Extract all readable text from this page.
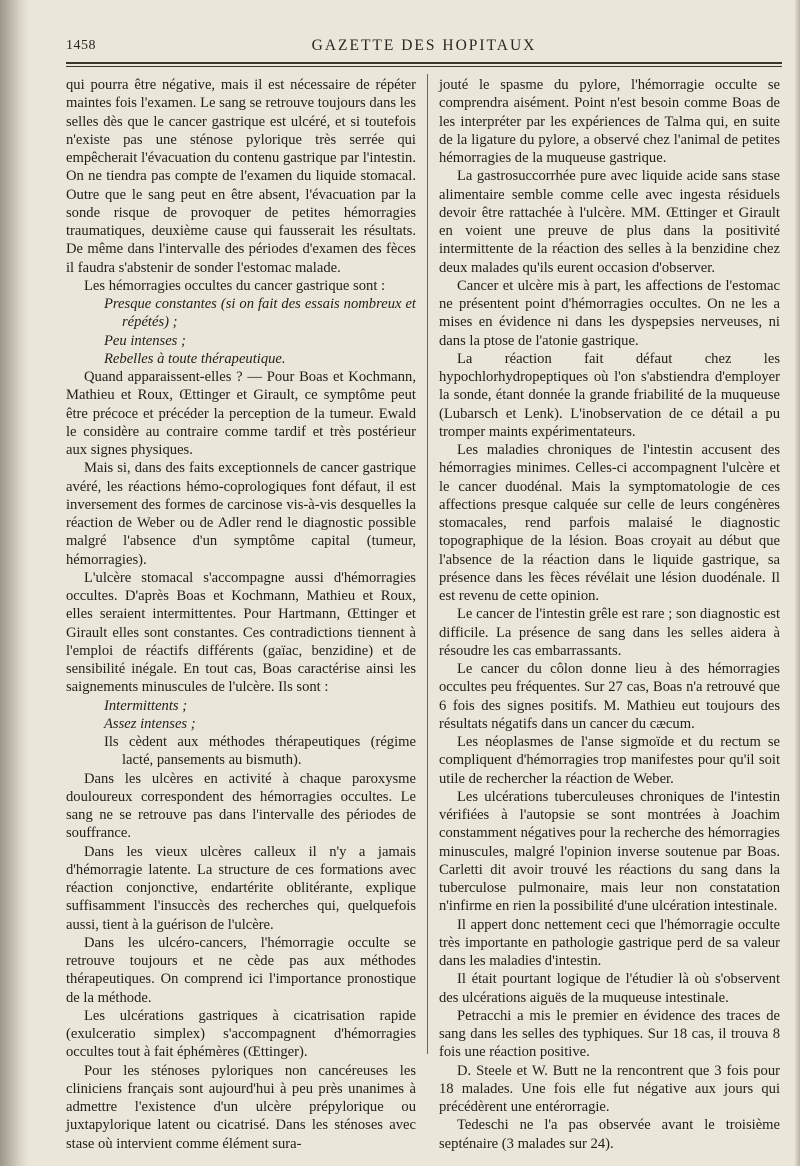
1458	GAZETTE DES HOPITAUX

qui pourra être négative, mais il est nécessaire de répéter maintes fois l'examen. Le sang se retrouve toujours dans les selles dès que le cancer gastrique est ulcéré, et si toutefois n'existe pas une sténose pylorique très serrée qui empêcherait l'évacuation du contenu gastrique par l'intestin. On ne tiendra pas compte de l'examen du liquide stomacal. Outre que le sang peut en être absent, l'évacuation par la sonde risque de provoquer de petites hémorragies traumatiques, deuxième cause qui fausserait les résultats. De même dans l'intervalle des périodes d'examen des fèces il faudra s'abstenir de sonder l'estomac malade.

Les hémorragies occultes du cancer gastrique sont :

Presque constantes (si on fait des essais nombreux et répétés) ;

Peu intenses ;

Rebelles à toute thérapeutique.

Quand apparaissent-elles ? — Pour Boas et Kochmann, Mathieu et Roux, Œttinger et Girault, ce symptôme peut être précoce et précéder la perception de la tumeur. Ewald le considère au contraire comme tardif et très postérieur aux signes physiques.

Mais si, dans des faits exceptionnels de cancer gastrique avéré, les réactions hémo-coprologiques font défaut, il est inversement des formes de carcinose vis-à-vis desquelles la réaction de Weber ou de Adler rend le diagnostic possible malgré l'absence d'un symptôme capital (tumeur, hémorragies).

L'ulcère stomacal s'accompagne aussi d'hémorragies occultes. D'après Boas et Kochmann, Mathieu et Roux, elles seraient intermittentes. Pour Hartmann, Œttinger et Girault elles sont constantes. Ces contradictions tiennent à l'emploi de réactifs différents (gaïac, benzidine) et de sensibilité inégale. En tout cas, Boas caractérise ainsi les saignements minuscules de l'ulcère. Ils sont :

Intermittents ;

Assez intenses ;

Ils cèdent aux méthodes thérapeutiques (régime lacté, pansements au bismuth).

Dans les ulcères en activité à chaque paroxysme douloureux correspondent des hémorragies occultes. Le sang ne se retrouve pas dans l'intervalle des périodes de souffrance.

Dans les vieux ulcères calleux il n'y a jamais d'hémorragie latente. La structure de ces formations avec réaction conjonctive, endartérite oblitérante, explique suffisamment l'insuccès des recherches qui, quelquefois aussi, tient à la guérison de l'ulcère.

Dans les ulcéro-cancers, l'hémorragie occulte se retrouve toujours et ne cède pas aux méthodes thérapeutiques. On comprend ici l'importance pronostique de la méthode.

Les ulcérations gastriques à cicatrisation rapide (exulceratio simplex) s'accompagnent d'hémorragies occultes tout à fait éphémères (Œttinger).

Pour les sténoses pyloriques non cancéreuses les cliniciens français sont aujourd'hui à peu près unanimes à admettre l'existence d'un ulcère prépylorique ou juxtapylorique latent ou cicatrisé. Dans les sténoses avec stase où intervient comme élément sura-

jouté le spasme du pylore, l'hémorragie occulte se comprendra aisément. Point n'est besoin comme Boas de les interpréter par les expériences de Talma qui, en suite de la ligature du pylore, a observé chez l'animal de petites hémorragies de la muqueuse gastrique.

La gastrosuccorrhée pure avec liquide acide sans stase alimentaire semble comme celle avec ingesta résiduels devoir être rattachée à l'ulcère. MM. Œttinger et Girault en voient une preuve de plus dans la positivité intermittente de la réaction des selles à la benzidine chez deux malades qu'ils eurent occasion d'observer.

Cancer et ulcère mis à part, les affections de l'estomac ne présentent point d'hémorragies occultes. On ne les a mises en évidence ni dans les dyspepsies nerveuses, ni dans la ptose de l'atonie gastrique.

La réaction fait défaut chez les hypochlorhydropeptiques où l'on s'abstiendra d'employer la sonde, étant donnée la grande friabilité de la muqueuse (Lubarsch et Lenk). L'inobservation de ce détail a pu tromper maints expérimentateurs.

Les maladies chroniques de l'intestin accusent des hémorragies minimes. Celles-ci accompagnent l'ulcère et le cancer duodénal. Mais la symptomatologie de ces affections presque calquée sur celle de leurs congénères stomacales, rend parfois malaisé le diagnostic topographique de la lésion. Boas croyait au début que l'absence de la réaction dans le liquide gastrique, sa présence dans les fèces révélait une lésion duodénale. Il est revenu de cette opinion.

Le cancer de l'intestin grêle est rare ; son diagnostic est difficile. La présence de sang dans les selles aidera à résoudre les cas embarrassants.

Le cancer du côlon donne lieu à des hémorragies occultes peu fréquentes. Sur 27 cas, Boas n'a retrouvé que 6 fois des signes positifs. M. Mathieu eut toujours des résultats négatifs dans un cancer du cæcum.

Les néoplasmes de l'anse sigmoïde et du rectum se compliquent d'hémorragies trop manifestes pour qu'il soit utile de rechercher la réaction de Weber.

Les ulcérations tuberculeuses chroniques de l'intestin vérifiées à l'autopsie se sont montrées à Joachim constamment négatives pour la recherche des hémorragies minuscules, malgré l'opinion inverse soutenue par Boas. Carletti dit avoir trouvé les réactions du sang dans la tuberculose pulmonaire, mais leur non constatation n'infirme en rien la possibilité d'une ulcération intestinale.

Il appert donc nettement ceci que l'hémorragie occulte très importante en pathologie gastrique perd de sa valeur dans les maladies d'intestin.

Il était pourtant logique de l'étudier là où s'observent des ulcérations aiguës de la muqueuse intestinale.

Petracchi a mis le premier en évidence des traces de sang dans les selles des typhiques. Sur 18 cas, il trouva 8 fois une réaction positive.

D. Steele et W. Butt ne la rencontrent que 3 fois pour 18 malades. Une fois elle fut négative aux jours qui précédèrent une entérorragie.

Tedeschi ne l'a pas observée avant le troisième septénaire (3 malades sur 24).
